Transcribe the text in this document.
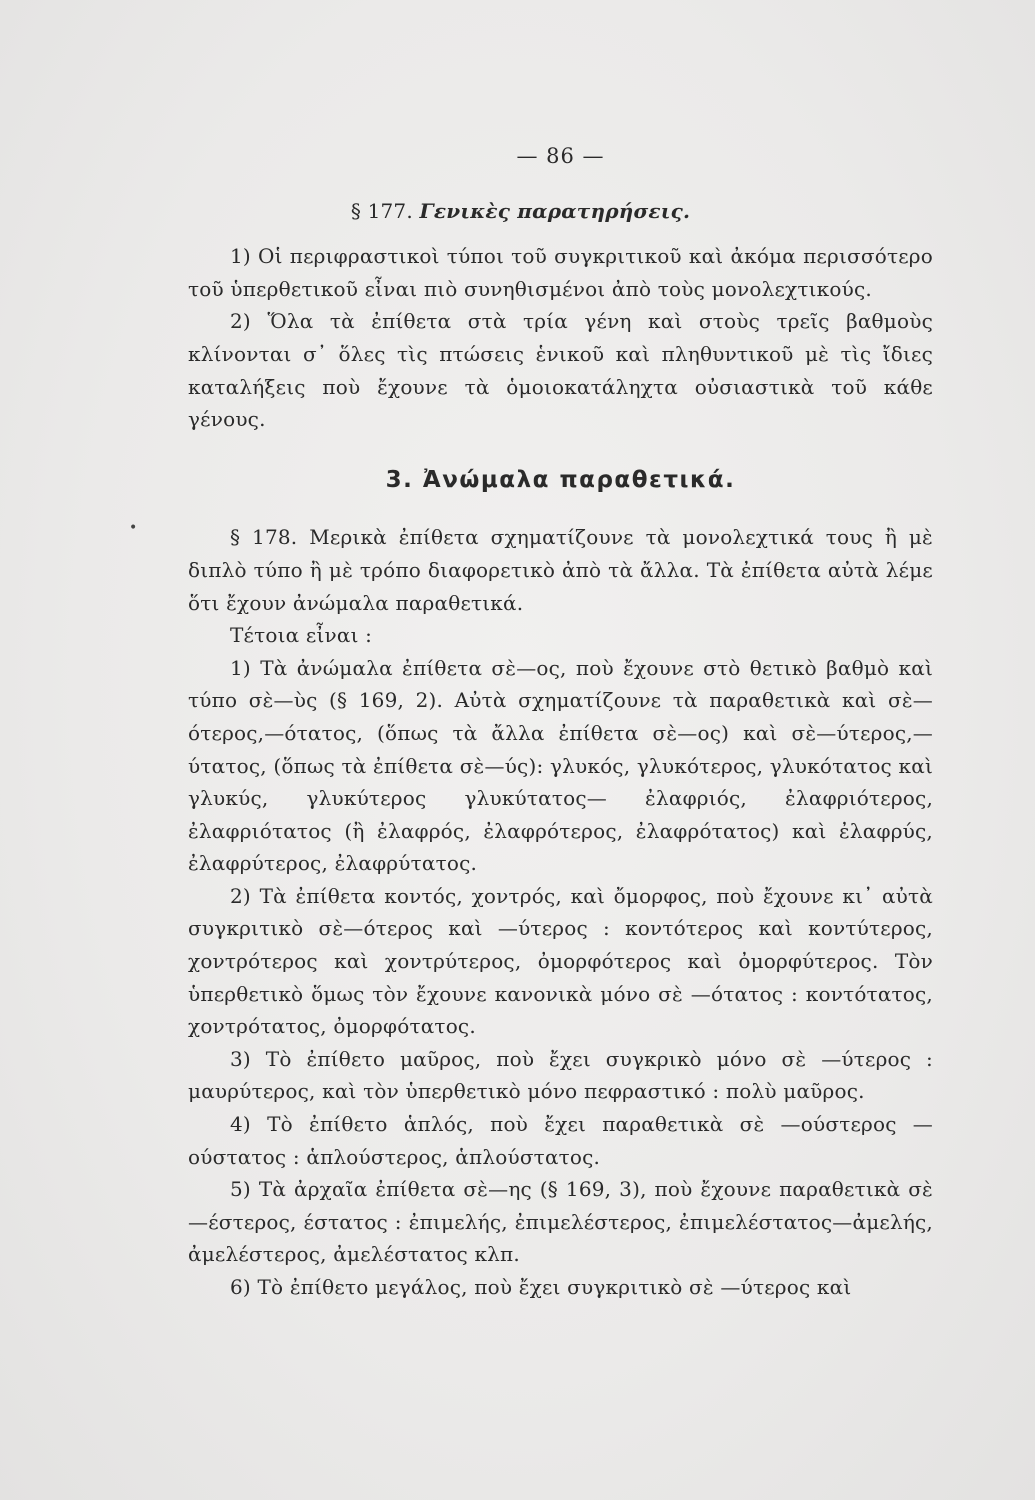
•
— 86 —
§ 177. Γενικὲς παρατηρήσεις.

1) Οἱ περιφραστικοὶ τύποι τοῦ συγκριτικοῦ καὶ ἀκόμα περισσότερο τοῦ ὑπερθετικοῦ εἶναι πιὸ συνηθισμένοι ἀπὸ τοὺς μονολεχτικούς.

2) Ὅλα τὰ ἐπίθετα στὰ τρία γένη καὶ στοὺς τρεῖς βαθμοὺς κλίνονται σ᾽ ὅλες τὶς πτώσεις ἑνικοῦ καὶ πληθυντικοῦ μὲ τὶς ἴδιες καταλήξεις ποὺ ἔχουνε τὰ ὁμοιοκατάληχτα οὐσιαστικὰ τοῦ κάθε γένους.

3. Ἀνώμαλα παραθετικά.

§ 178. Μερικὰ ἐπίθετα σχηματίζουνε τὰ μονολεχτικά τους ἢ μὲ διπλὸ τύπο ἢ μὲ τρόπο διαφορετικὸ ἀπὸ τὰ ἄλλα. Τὰ ἐπίθετα αὐτὰ λέμε ὅτι ἔχουν ἀνώμαλα παραθετικά.

Τέτοια εἶναι :

1) Τὰ ἀνώμαλα ἐπίθετα σὲ—ος, ποὺ ἔχουνε στὸ θετικὸ βαθμὸ καὶ τύπο σὲ—ὺς (§ 169, 2). Αὐτὰ σχηματίζουνε τὰ παραθετικὰ καὶ σὲ—ότερος,—ότατος, (ὅπως τὰ ἄλλα ἐπίθετα σὲ—ος) καὶ σὲ—ύτερος,—ύτατος, (ὅπως τὰ ἐπίθετα σὲ—ύς): γλυκός, γλυκότερος, γλυκότατος καὶ γλυκύς, γλυκύτερος γλυκύτατος— ἐλαφριός, ἐλαφριότερος, ἐλαφριότατος (ἢ ἐλαφρός, ἐλαφρότερος, ἐλαφρότατος) καὶ ἐλαφρύς, ἐλαφρύτερος, ἐλαφρύτατος.

2) Τὰ ἐπίθετα κοντός, χοντρός, καὶ ὄμορφος, ποὺ ἔχουνε κι᾽ αὐτὰ συγκριτικὸ σὲ—ότερος καὶ —ύτερος : κοντότερος καὶ κοντύτερος, χοντρότερος καὶ χοντρύτερος, ὀμορφότερος καὶ ὀμορφύτερος. Τὸν ὑπερθετικὸ ὅμως τὸν ἔχουνε κανονικὰ μόνο σὲ —ότατος : κοντότατος, χοντρότατος, ὀμορφότατος.

3) Τὸ ἐπίθετο μαῦρος, ποὺ ἔχει συγκρικὸ μόνο σὲ —ύτερος : μαυρύτερος, καὶ τὸν ὑπερθετικὸ μόνο πεφραστικό : πολὺ μαῦρος.

4) Τὸ ἐπίθετο ἁπλός, ποὺ ἔχει παραθετικὰ σὲ —ούστερος —ούστατος : ἁπλούστερος, ἁπλούστατος.

5) Τὰ ἀρχαῖα ἐπίθετα σὲ—ης (§ 169, 3), ποὺ ἔχουνε παραθετικὰ σὲ —έστερος, έστατος : ἐπιμελής, ἐπιμελέστερος, ἐπιμελέστατος—ἀμελής, ἀμελέστερος, ἀμελέστατος κλπ.

6) Τὸ ἐπίθετο μεγάλος, ποὺ ἔχει συγκριτικὸ σὲ —ύτερος καὶ
